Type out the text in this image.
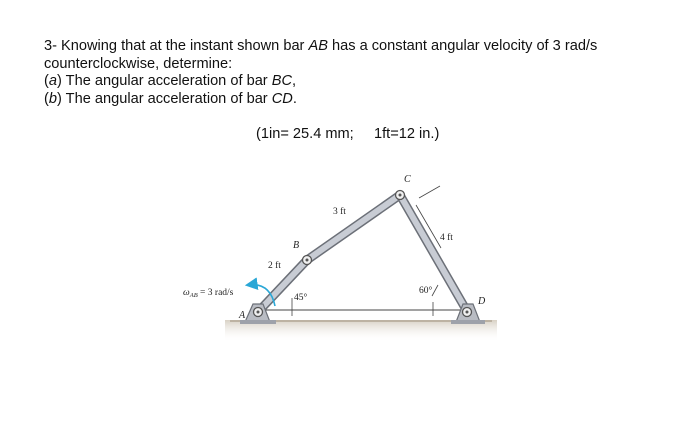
3- Knowing that at the instant shown bar AB has a constant angular velocity of 3 rad/s

counterclockwise, determine:

(a) The angular acceleration of bar BC,

(b) The angular acceleration of bar CD.

(1in= 25.4 mm;     1ft=12 in.)
B
C
D
A
2 ft
3 ft
4 ft
45°
60°
$\omega_{AB} = 3$ rad/s
